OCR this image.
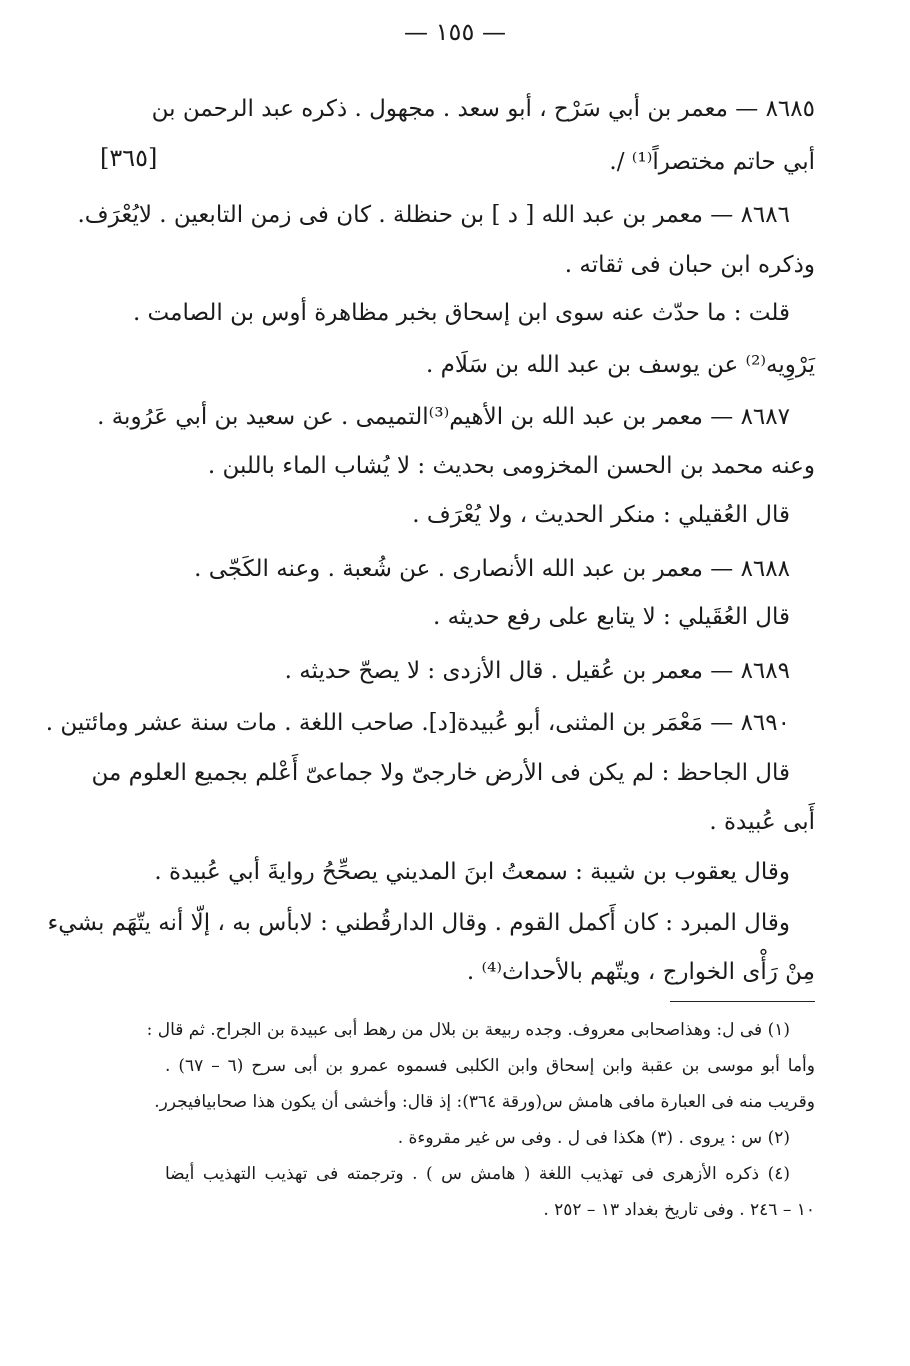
— ١٥٥ —
[٣٦٥]
٨٦٨٥ — معمر بن أبي سَرْح ، أبو سعد . مجهول . ذكره عبد الرحمن بن
أبي حاتم مختصراً⁽¹⁾ /.
٨٦٨٦ — معمر بن عبد الله [ د ] بن حنظلة . كان فى زمن التابعين . لايُعْرَف.
وذكره ابن حبان فى ثقاته .
قلت : ما حدّث عنه سوى ابن إسحاق بخبر مظاهرة أوس بن الصامت .
يَرْوِيه⁽²⁾ عن يوسف بن عبد الله بن سَلَام .
٨٦٨٧ — معمر بن عبد الله بن الأهيم⁽³⁾التميمى . عن سعيد بن أبي عَرُوبة .
وعنه محمد بن الحسن المخزومى بحديث : لا يُشاب الماء باللبن .
قال العُقيلي : منكر الحديث ، ولا يُعْرَف .
٨٦٨٨ — معمر بن عبد الله الأنصارى . عن شُعبة . وعنه الكَجّى .
قال العُقَيلي : لا يتابع على رفع حديثه .
٨٦٨٩ — معمر بن عُقيل . قال الأزدى : لا يصحّ حديثه .
٨٦٩٠ — مَعْمَر بن المثنى، أبو عُبيدة[د]. صاحب اللغة . مات سنة عشر ومائتين .
قال الجاحظ : لم يكن فى الأرض خارجىّ ولا جماعىّ أَعْلم بجميع العلوم من
أَبى عُبيدة .
وقال يعقوب بن شيبة : سمعتُ ابنَ المديني يصحِّحُ روايةَ أبي عُبيدة .
وقال المبرد : كان أَكمل القوم . وقال الدارقُطني : لابأس به ، إلّا أنه يتّهَم بشيء
مِنْ رَأْى الخوارج ، ويتّهم بالأحداث⁽⁴⁾ .
(١) فى ل: وهذاصحابى معروف. وجده ربيعة بن بلال من رهط أبى عبيدة بن الجراح. ثم قال :
وأما أبو موسى بن عقبة وابن إسحاق وابن الكلبى فسموه عمرو بن أبى سرح (٦ – ٦٧) .
وقريب منه فى العبارة مافى هامش س(ورقة ٣٦٤): إذ قال: وأخشى أن يكون هذا صحابيافيجرر.
(٢) س : يروى . (٣) هكذا فى ل . وفى س غير مقروءة .
(٤) ذكره الأزهرى فى تهذيب اللغة ( هامش س ) . وترجمته فى تهذيب التهذيب أيضا
١٠ – ٢٤٦ . وفى تاريخ بغداد ١٣ – ٢٥٢ .
